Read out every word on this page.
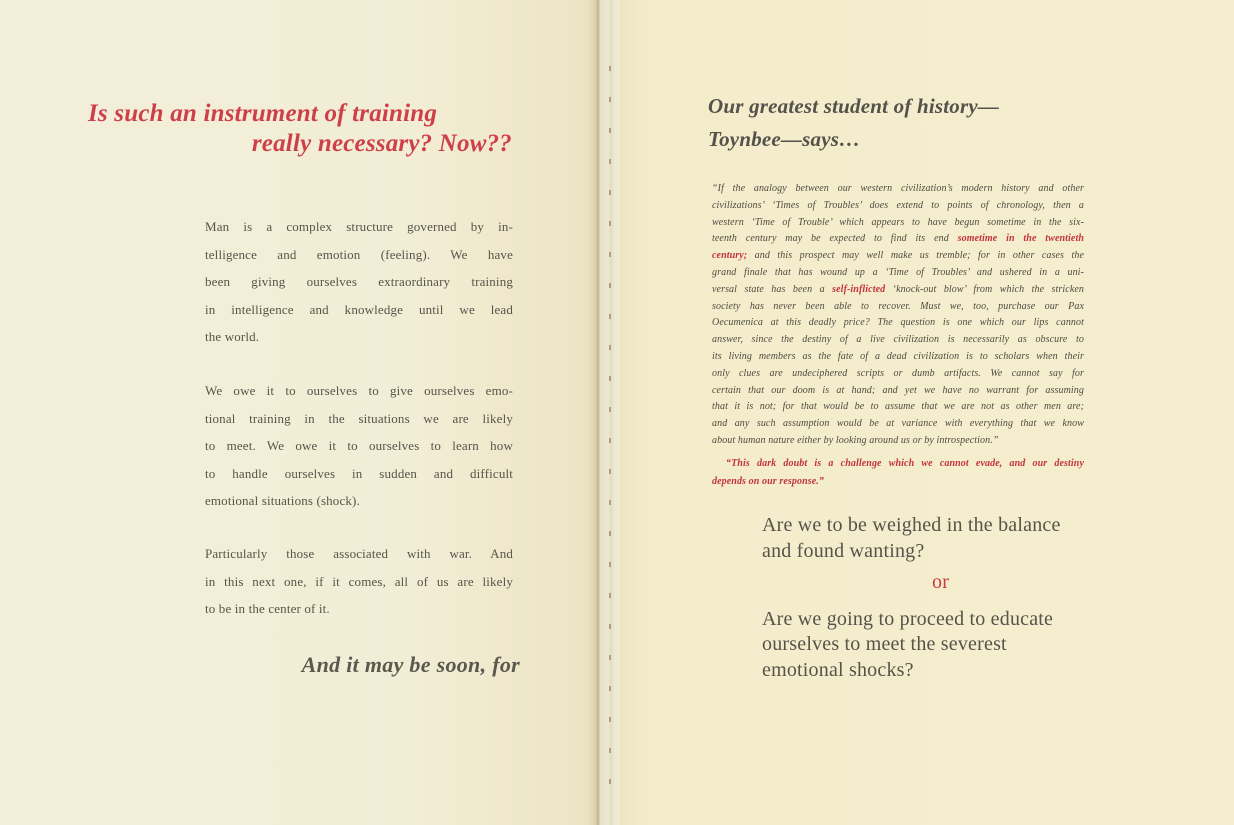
Is such an instrument of training
really necessary? Now??
Man is a complex structure governed by in-
telligence and emotion (feeling). We have
been giving ourselves extraordinary training
in intelligence and knowledge until we lead
the world.
We owe it to ourselves to give ourselves emo-
tional training in the situations we are likely
to meet. We owe it to ourselves to learn how
to handle ourselves in sudden and difficult
emotional situations (shock).
Particularly those associated with war. And
in this next one, if it comes, all of us are likely
to be in the center of it.
And it may be soon, for
Our greatest student of history—
Toynbee—says…
“If the analogy between our western civilization’s modern history and other
civilizations’ ‘Times of Troubles’ does extend to points of chronology, then a
western ‘Time of Trouble’ which appears to have begun sometime in the six-
teenth century may be expected to find its end sometime in the twentieth
century; and this prospect may well make us tremble; for in other cases the
grand finale that has wound up a ‘Time of Troubles’ and ushered in a uni-
versal state has been a self-inflicted ‘knock-out blow’ from which the stricken
society has never been able to recover. Must we, too, purchase our Pax
Oecumenica at this deadly price? The question is one which our lips cannot
answer, since the destiny of a live civilization is necessarily as obscure to
its living members as the fate of a dead civilization is to scholars when their
only clues are undeciphered scripts or dumb artifacts. We cannot say for
certain that our doom is at hand; and yet we have no warrant for assuming
that it is not; for that would be to assume that we are not as other men are;
and any such assumption would be at variance with everything that we know
about human nature either by looking around us or by introspection.”
“This dark doubt is a challenge which we cannot evade, and our destiny
depends on our response.”
Are we to be weighed in the balance
and found wanting?
or
Are we going to proceed to educate
ourselves to meet the severest
emotional shocks?
